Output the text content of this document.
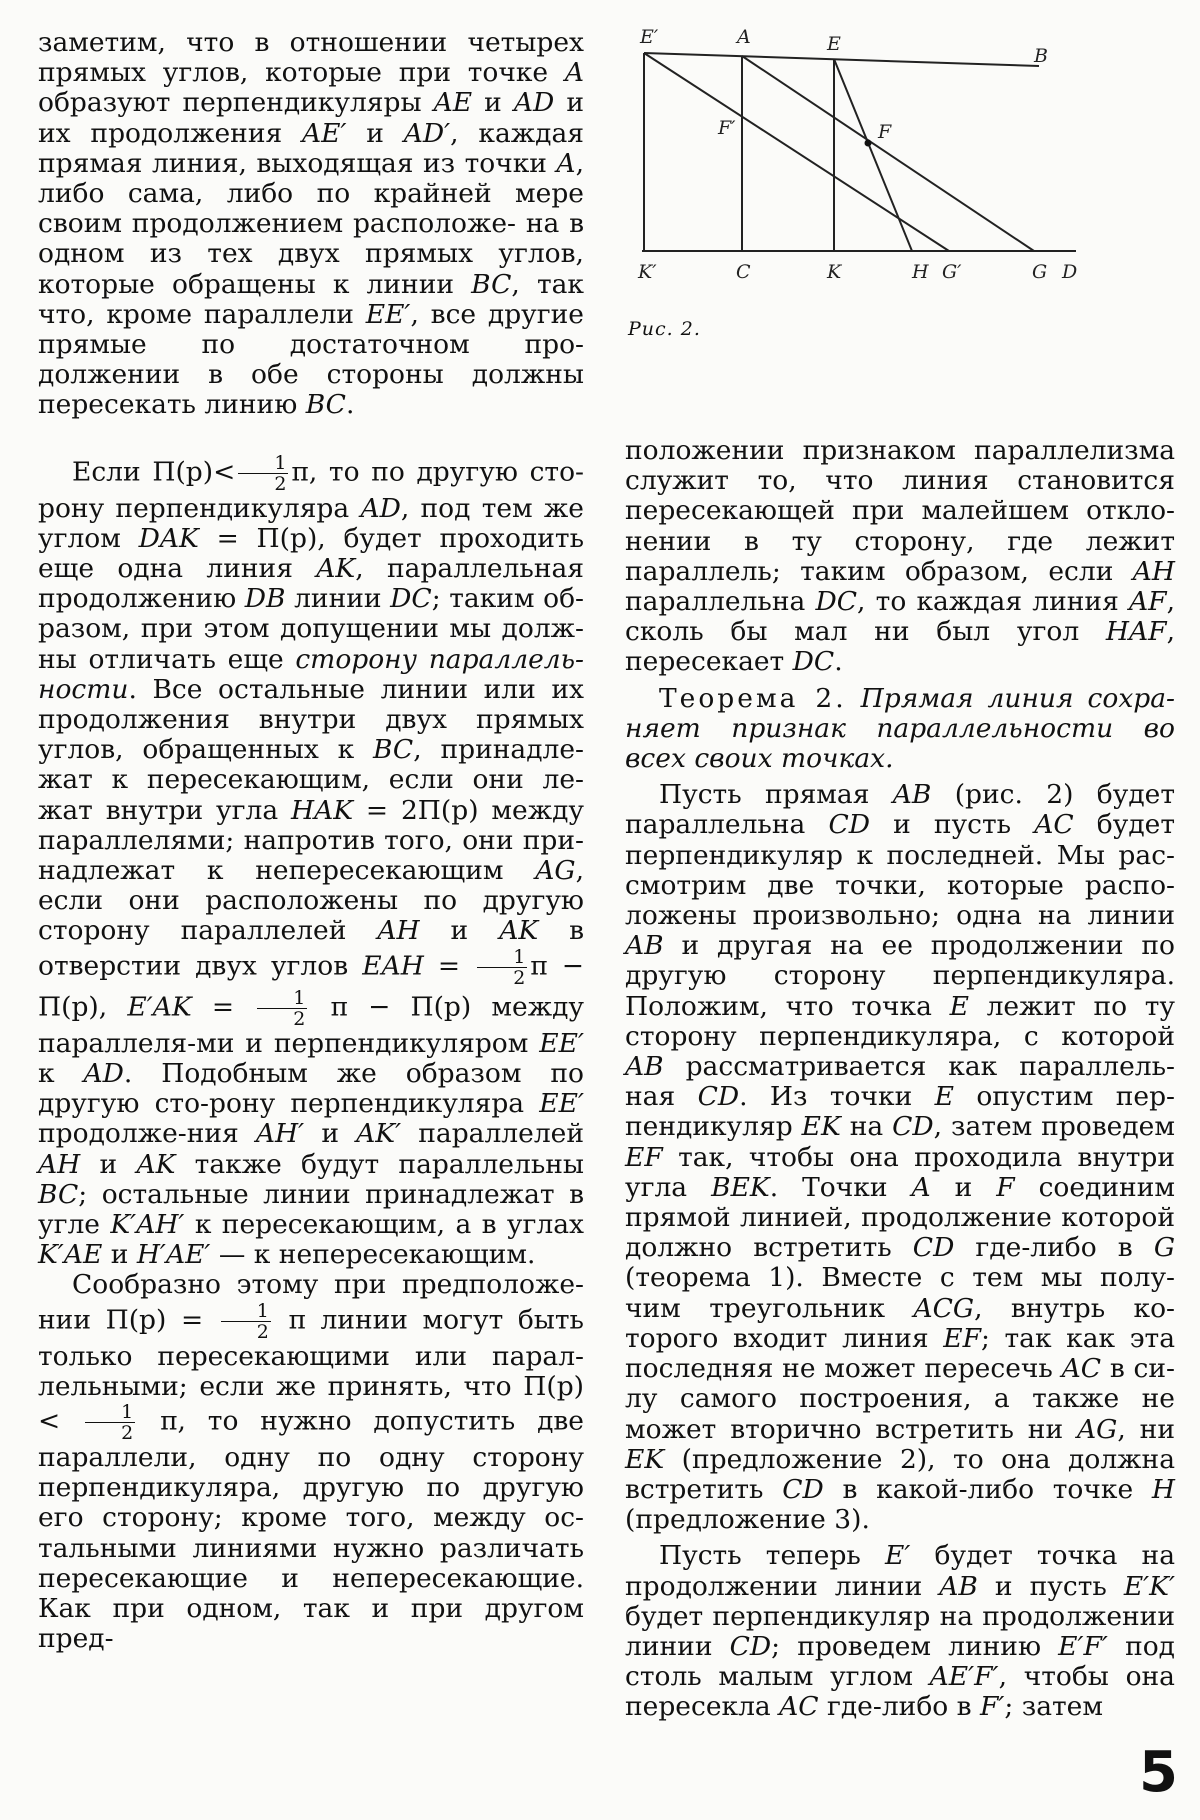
E′	A	E
B
F′	F
K′	C	K	H G′	G D
Рис. 2.

заметим, что в отношении четырех прямых углов, которые при точке A образуют перпендикуляры AE и AD и их продолжения AE′ и AD′, каждая прямая линия, выходящая из точки A, либо сама, либо по крайней мере своим продолжением расположе- на в одном из тех двух прямых углов, которые обращены к линии BC, так что, кроме параллели EE′, все другие прямые по достаточном про- должении в обе стороны должны пересекать линию BC.

Если $\Pi(p)< \frac{1}{2} \pi$, то по другую сто-рону перпендикуляра AD, под тем же углом DAK = Π(p), будет проходить еще одна линия AK, параллельная продолжению DB линии DC; таким об-разом, при этом допущении мы долж-ны отличать еще сторону параллель-ности. Все остальные линии или их продолжения внутри двух прямых углов, обращенных к BC, принадле-жат к пересекающим, если они ле-жат внутри угла HAK = 2Π(p) между параллелями; напротив того, они при-надлежат к непересекающим AG, если они расположены по другую сторону параллелей AH и AK в отверстии двух углов EAH = $\frac{1}{2}$ π − Π(p), $E'AK = \frac{1}{2}$ π − Π(p) между параллеля-ми и перпендикуляром EE′ к AD. Подобным же образом по другую сто-рону перпендикуляра EE′ продолже-ния AH′ и AK′ параллелей AH и AK также будут параллельны BC; остальные линии принадлежат в угле K′AH′ к пересекающим, а в углах K′AE и H′AE′ — к непересекающим.

Сообразно этому при предположе-нии $\Pi(p) = \frac{1}{2}$ π линии могут быть только пересекающими или парал-лельными; если же принять, что $\Pi(p) < \frac{1}{2} \pi$, то нужно допустить две параллели, одну по одну сторону перпендикуляра, другую по другую его сторону; кроме того, между ос-тальными линиями нужно различать пересекающие и непересекающие. Как при одном, так и при другом пред-

положении признаком параллелизма служит то, что линия становится пересекающей при малейшем откло-нении в ту сторону, где лежит параллель; таким образом, если AH параллельна DC, то каждая линия AF, сколь бы мал ни был угол HAF, пересекает DC.

Теорема 2. Прямая линия сохра-няет признак параллельности во всех своих точках.

Пусть прямая AB (рис. 2) будет параллельна CD и пусть AC будет перпендикуляр к последней. Мы рас-смотрим две точки, которые распо-ложены произвольно; одна на линии AB и другая на ее продолжении по другую сторону перпендикуляра. Положим, что точка E лежит по ту сторону перпендикуляра, с которой AB рассматривается как параллель-ная CD. Из точки E опустим пер-пендикуляр EK на CD, затем проведем EF так, чтобы она проходила внутри угла BEK. Точки A и F соединим прямой линией, продолжение которой должно встретить CD где-либо в G (теорема 1). Вместе с тем мы полу-чим треугольник ACG, внутрь ко-торого входит линия EF; так как эта последняя не может пересечь AC в си-лу самого построения, а также не может вторично встретить ни AG, ни EK (предложение 2), то она должна встретить CD в какой-либо точке H (предложение 3).

Пусть теперь E′ будет точка на продолжении линии AB и пусть E′K′ будет перпендикуляр на продолжении линии CD; проведем линию E′F′ под столь малым углом AE′F′, чтобы она пересекла AC где-либо в F′; затем

5
